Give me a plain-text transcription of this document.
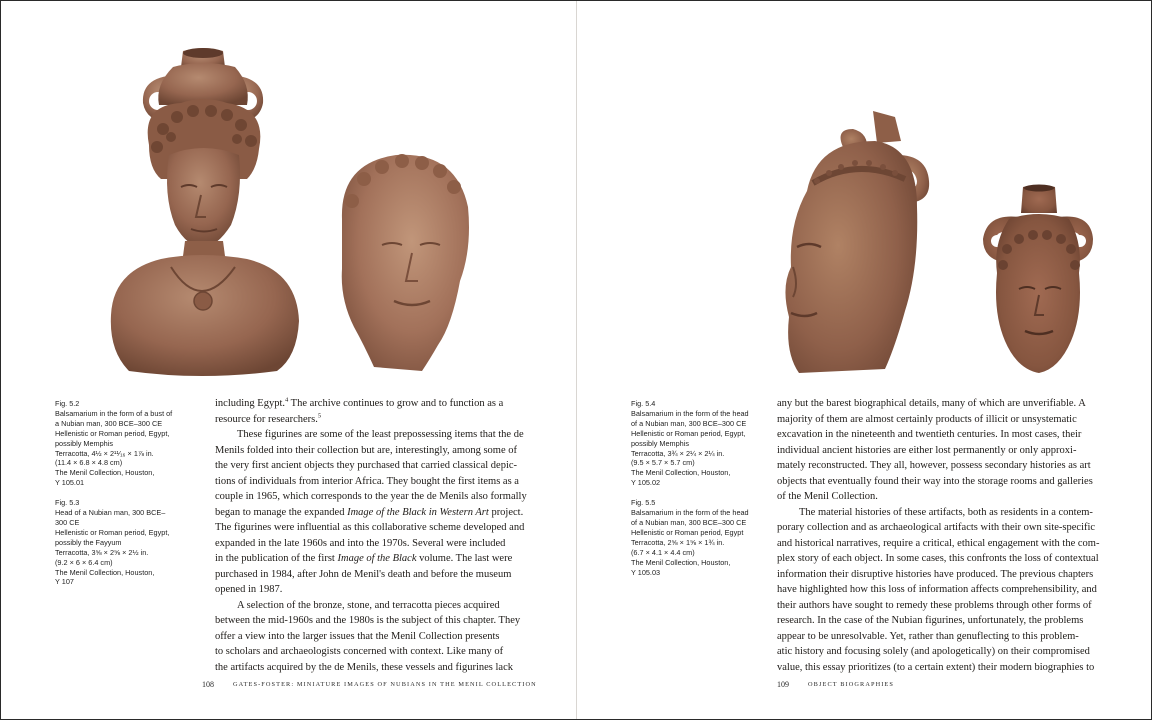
Fig. 5.2
Balsamarium in the form of a bust of
a Nubian man, 300 BCE–300 CE
Hellenistic or Roman period, Egypt,
possibly Memphis
Terracotta, 4½ × 2¹¹⁄₁₆ × 1⅞ in.
(11.4 × 6.8 × 4.8 cm)
The Menil Collection, Houston,
Y 105.01
Fig. 5.3
Head of a Nubian man, 300 BCE–
300 CE
Hellenistic or Roman period, Egypt,
possibly the Fayyum
Terracotta, 3⅝ × 2⅝ × 2½ in.
(9.2 × 6 × 6.4 cm)
The Menil Collection, Houston,
Y 107
including Egypt.$^4$ The archive continues to grow and to function as a
resource for researchers.$^5$
These figurines are some of the least prepossessing items that the de
Menils folded into their collection but are, interestingly, among some of
the very first ancient objects they purchased that carried classical depic-
tions of individuals from interior Africa. They bought the first items as a
couple in 1965, which corresponds to the year the de Menils also formally
began to manage the expanded Image of the Black in Western Art project.
The figurines were influential as this collaborative scheme developed and
expanded in the late 1960s and into the 1970s. Several were included
in the publication of the first Image of the Black volume. The last were
purchased in 1984, after John de Menil's death and before the museum
opened in 1987.
A selection of the bronze, stone, and terracotta pieces acquired
between the mid-1960s and the 1980s is the subject of this chapter. They
offer a view into the larger issues that the Menil Collection presents
to scholars and archaeologists concerned with context. Like many of
the artifacts acquired by the de Menils, these vessels and figurines lack
108	GATES-FOSTER: MINIATURE IMAGES OF NUBIANS IN THE MENIL COLLECTION
Fig. 5.4
Balsamarium in the form of the head
of a Nubian man, 300 BCE–300 CE
Hellenistic or Roman period, Egypt,
possibly Memphis
Terracotta, 3¾ × 2¼ × 2¼ in.
(9.5 × 5.7 × 5.7 cm)
The Menil Collection, Houston,
Y 105.02
Fig. 5.5
Balsamarium in the form of the head
of a Nubian man, 300 BCE–300 CE
Hellenistic or Roman period, Egypt
Terracotta, 2⅝ × 1⅝ × 1¾ in.
(6.7 × 4.1 × 4.4 cm)
The Menil Collection, Houston,
Y 105.03
any but the barest biographical details, many of which are unverifiable. A
majority of them are almost certainly products of illicit or unsystematic
excavation in the nineteenth and twentieth centuries. In most cases, their
individual ancient histories are either lost permanently or only approxi-
mately reconstructed. They all, however, possess secondary histories as art
objects that eventually found their way into the storage rooms and galleries
of the Menil Collection.
The material histories of these artifacts, both as residents in a contem-
porary collection and as archaeological artifacts with their own site-specific
and historical narratives, require a critical, ethical engagement with the com-
plex story of each object. In some cases, this confronts the loss of contextual
information their disruptive histories have produced. The previous chapters
have highlighted how this loss of information affects comprehensibility, and
their authors have sought to remedy these problems through other forms of
research. In the case of the Nubian figurines, unfortunately, the problems
appear to be unresolvable. Yet, rather than genuflecting to this problem-
atic history and focusing solely (and apologetically) on their compromised
value, this essay prioritizes (to a certain extent) their modern biographies to
109	OBJECT BIOGRAPHIES
